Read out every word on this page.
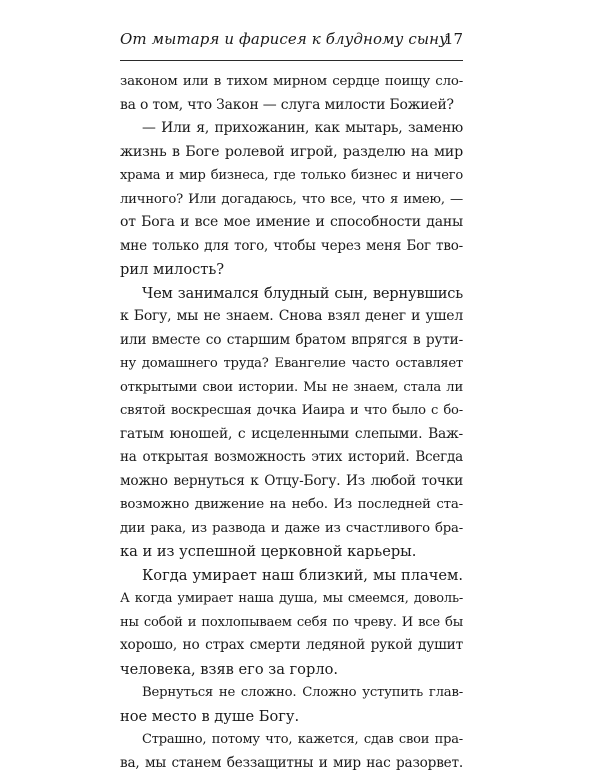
От мытаря и фарисея к блудному сыну
17

законом или в тихом мирном сердце поищу сло-
ва о том, что Закон — слуга милости Божией?

— Или я, прихожанин, как мытарь, заменю
жизнь в Боге ролевой игрой, разделю на мир
храма и мир бизнеса, где только бизнес и ничего
личного? Или догадаюсь, что все, что я имею, —
от Бога и все мое имение и способности даны
мне только для того, чтобы через меня Бог тво-
рил милость?

Чем занимался блудный сын, вернувшись
к Богу, мы не знаем. Снова взял денег и ушел
или вместе со старшим братом впрягся в рути-
ну домашнего труда? Евангелие часто оставляет
открытыми свои истории. Мы не знаем, стала ли
святой воскресшая дочка Иаира и что было с бо-
гатым юношей, с исцеленными слепыми. Важ-
на открытая возможность этих историй. Всегда
можно вернуться к Отцу-Богу. Из любой точки
возможно движение на небо. Из последней ста-
дии рака, из развода и даже из счастливого бра-
ка и из успешной церковной карьеры.

Когда умирает наш близкий, мы плачем.
А когда умирает наша душа, мы смеемся, доволь-
ны собой и похлопываем себя по чреву. И все бы
хорошо, но страх смерти ледяной рукой душит
человека, взяв его за горло.

Вернуться не сложно. Сложно уступить глав-
ное место в душе Богу.

Страшно, потому что, кажется, сдав свои пра-
ва, мы станем беззащитны и мир нас разорвет.
